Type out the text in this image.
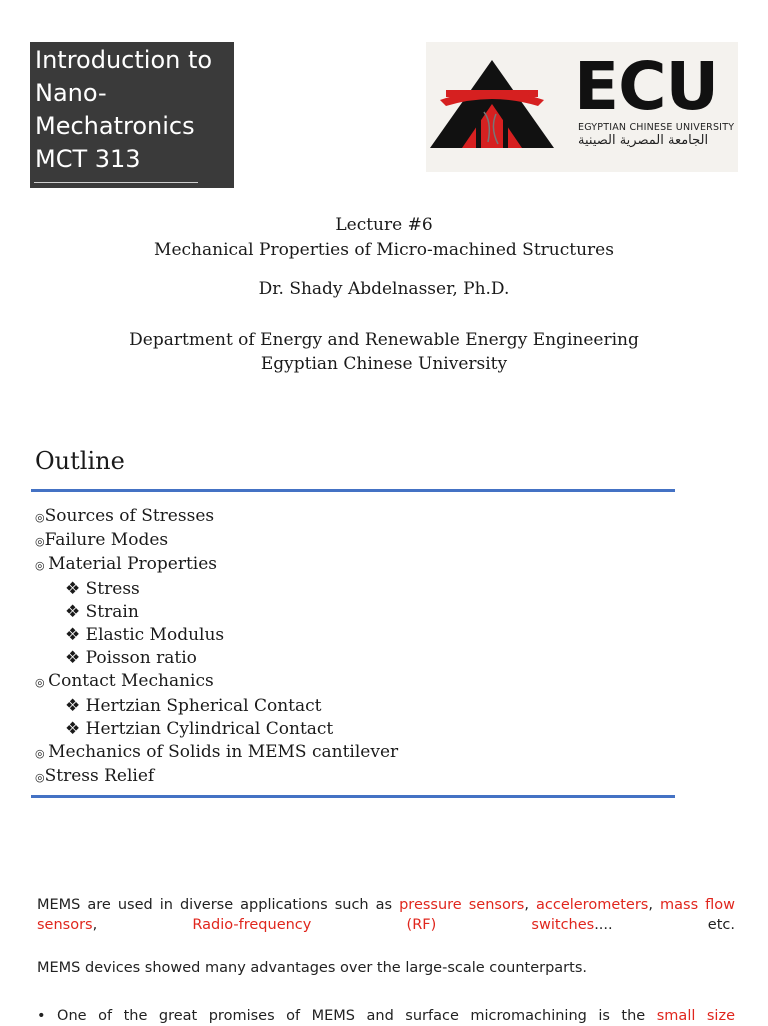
Introduction to
Nano-
Mechatronics
MCT 313
ECU
EGYPTIAN CHINESE UNIVERSITY
الجامعة المصرية الصينية
Lecture #6
Mechanical Properties of Micro-machined Structures
Dr. Shady Abdelnasser, Ph.D.
Department of Energy and Renewable Energy Engineering
Egyptian Chinese University
Outline
◎Sources of Stresses
◎Failure Modes
◎ Material Properties
❖ Stress
❖ Strain
❖ Elastic Modulus
❖ Poisson ratio
◎ Contact Mechanics
❖ Hertzian Spherical Contact
❖ Hertzian Cylindrical Contact
◎ Mechanics of Solids in MEMS cantilever
◎Stress Relief
MEMS are used in diverse applications such as pressure sensors, accelerometers, mass flow sensors, Radio-frequency (RF) switches.... etc.
MEMS devices showed many advantages over the large-scale counterparts.
• One of the great promises of MEMS and surface micromachining is the small size
